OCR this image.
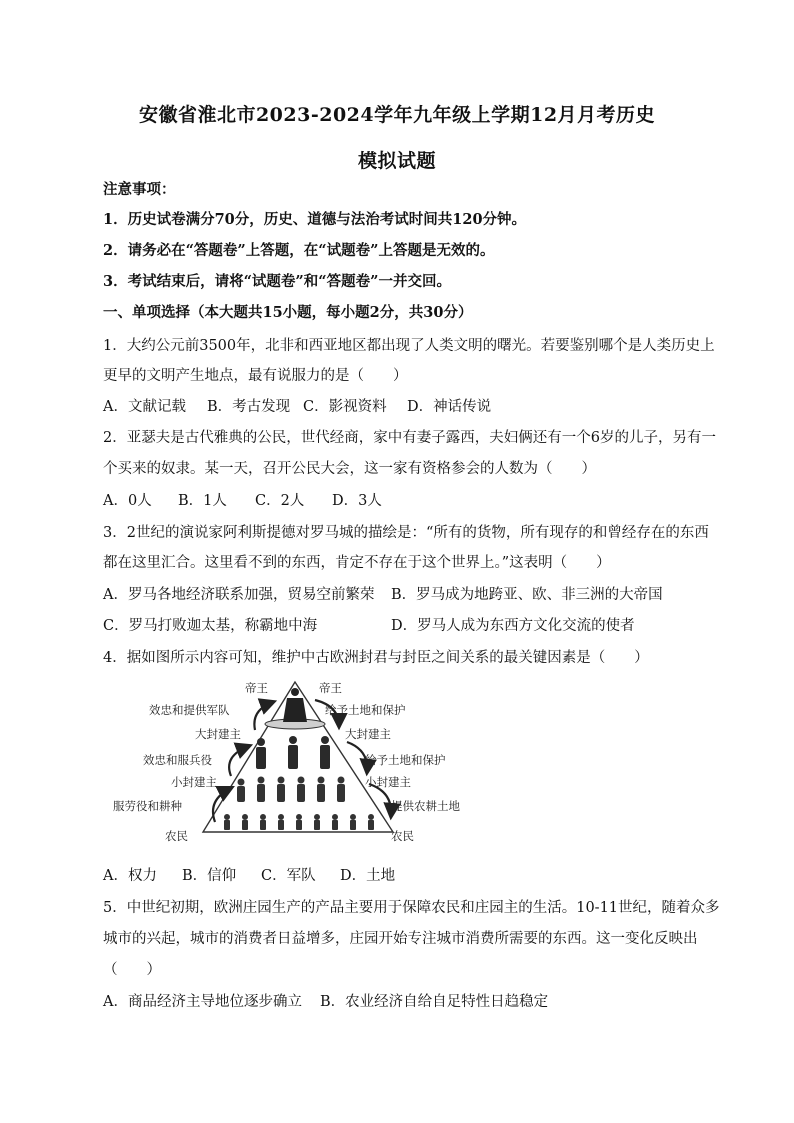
安徽省淮北市2023-2024学年九年级上学期12月月考历史
模拟试题
注意事项：
1．历史试卷满分70分，历史、道德与法治考试时间共120分钟。
2．请务必在“答题卷”上答题，在“试题卷”上答题是无效的。
3．考试结束后，请将“试题卷”和“答题卷”一并交回。
一、单项选择（本大题共15小题，每小题2分，共30分）
1．大约公元前3500年，北非和西亚地区都出现了人类文明的曙光。若要鉴别哪个是人类历史上
更早的文明产生地点，最有说服力的是（　　）
A．文献记载 B．考古发现 C．影视资料 D．神话传说
2．亚瑟夫是古代雅典的公民，世代经商，家中有妻子露西，夫妇俩还有一个6岁的儿子，另有一
个买来的奴隶。某一天，召开公民大会，这一家有资格参会的人数为（　　）
A．0人 B．1人 C．2人 D．3人
3．2世纪的演说家阿利斯提德对罗马城的描绘是：“所有的货物，所有现存的和曾经存在的东西
都在这里汇合。这里看不到的东西，肯定不存在于这个世界上。”这表明（　　）
A．罗马各地经济联系加强，贸易空前繁荣 B．罗马成为地跨亚、欧、非三洲的大帝国
C．罗马打败迦太基，称霸地中海	D．罗马人成为东西方文化交流的使者
4．据如图所示内容可知，维护中古欧洲封君与封臣之间关系的最关键因素是（　　）
帝王	帝王
效忠和提供军队	给予土地和保护
大封建主	大封建主
效忠和服兵役	给予土地和保护
小封建主	小封建主
服劳役和耕种	提供农耕土地
农民	农民
A．权力 B．信仰 C．军队 D．土地
5．中世纪初期，欧洲庄园生产的产品主要用于保障农民和庄园主的生活。10-11世纪，随着众多
城市的兴起，城市的消费者日益增多，庄园开始专注城市消费所需要的东西。这一变化反映出
（　　）
A．商品经济主导地位逐步确立 B．农业经济自给自足特性日趋稳定
